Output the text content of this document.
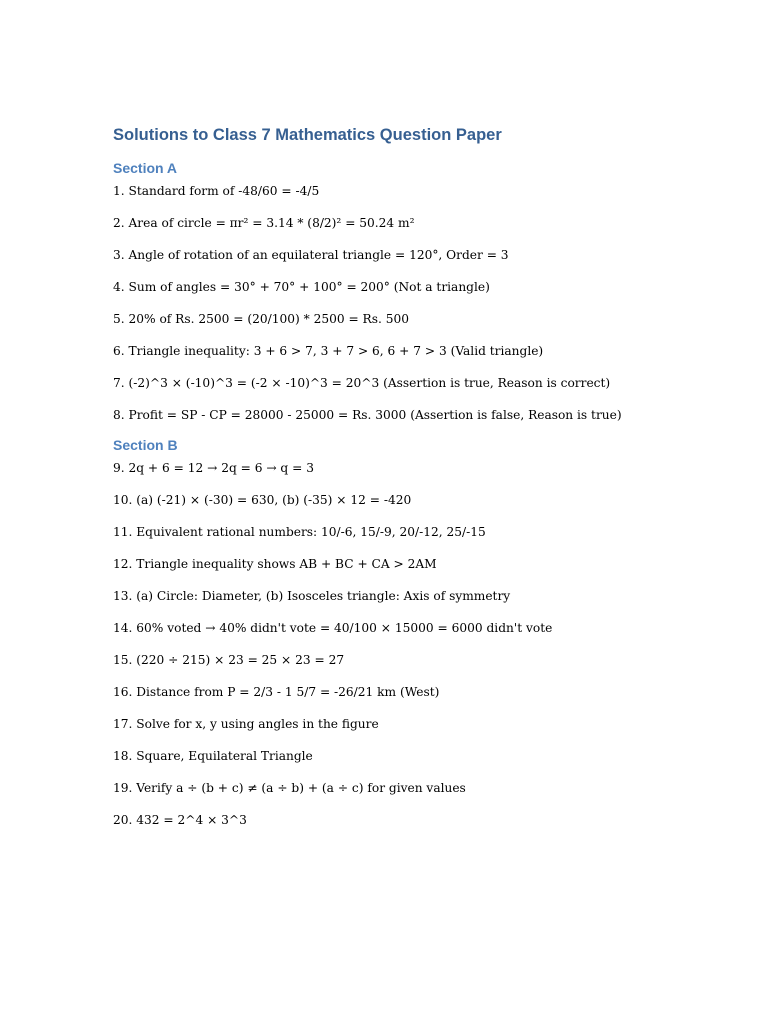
Solutions to Class 7 Mathematics Question Paper
Section A
1. Standard form of -48/60 = -4/5
2. Area of circle = πr² = 3.14 * (8/2)² = 50.24 m²
3. Angle of rotation of an equilateral triangle = 120°, Order = 3
4. Sum of angles = 30° + 70° + 100° = 200° (Not a triangle)
5. 20% of Rs. 2500 = (20/100) * 2500 = Rs. 500
6. Triangle inequality: 3 + 6 > 7, 3 + 7 > 6, 6 + 7 > 3 (Valid triangle)
7. (-2)^3 × (-10)^3 = (-2 × -10)^3 = 20^3 (Assertion is true, Reason is correct)
8. Profit = SP - CP = 28000 - 25000 = Rs. 3000 (Assertion is false, Reason is true)
Section B
9. 2q + 6 = 12 → 2q = 6 → q = 3
10. (a) (-21) × (-30) = 630, (b) (-35) × 12 = -420
11. Equivalent rational numbers: 10/-6, 15/-9, 20/-12, 25/-15
12. Triangle inequality shows AB + BC + CA > 2AM
13. (a) Circle: Diameter, (b) Isosceles triangle: Axis of symmetry
14. 60% voted → 40% didn't vote = 40/100 × 15000 = 6000 didn't vote
15. (220 ÷ 215) × 23 = 25 × 23 = 27
16. Distance from P = 2/3 - 1 5/7 = -26/21 km (West)
17. Solve for x, y using angles in the figure
18. Square, Equilateral Triangle
19. Verify a ÷ (b + c) ≠ (a ÷ b) + (a ÷ c) for given values
20. 432 = 2^4 × 3^3
